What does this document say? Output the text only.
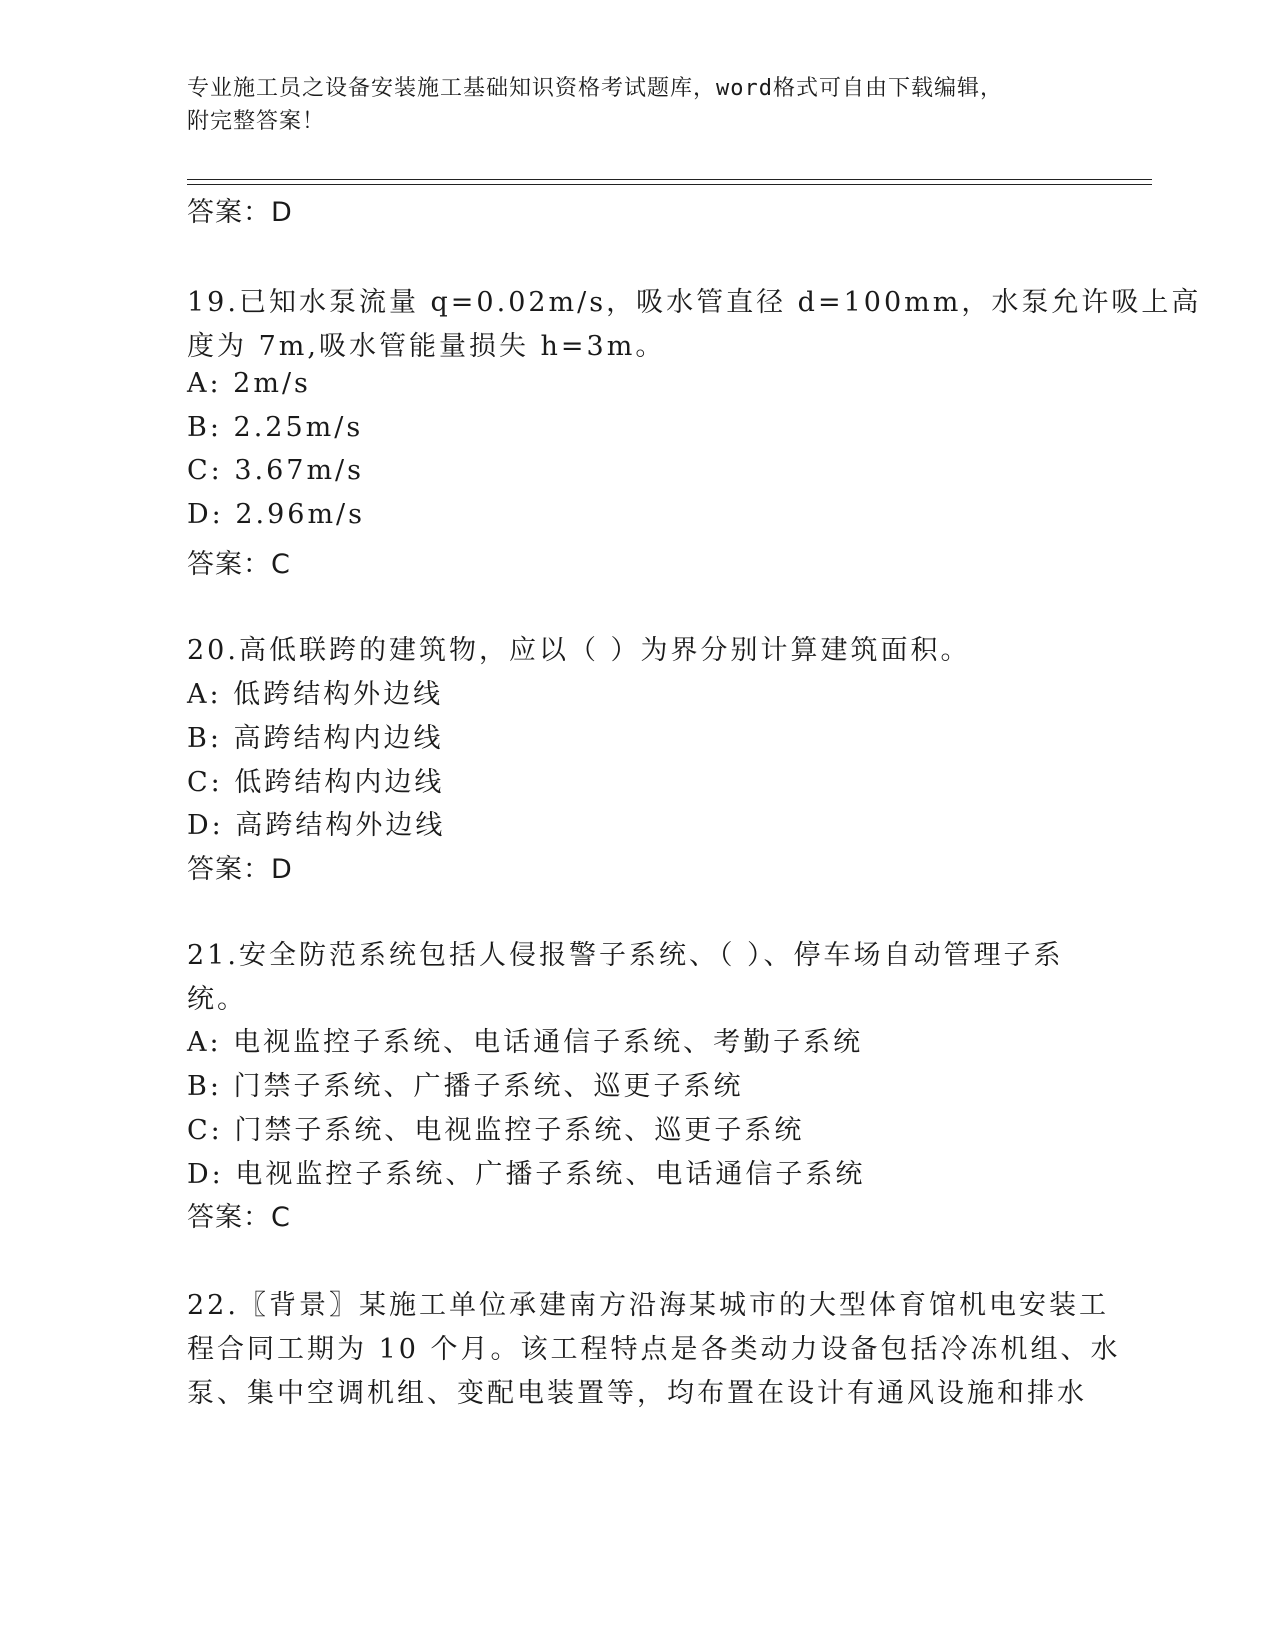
专业施工员之设备安装施工基础知识资格考试题库，word格式可自由下载编辑，
附完整答案！
答案：D
19.已知水泵流量 q=0.02m/s，吸水管直径 d=100mm，水泵允许吸上高
度为 7m,吸水管能量损失 h=3m。
A: 2m/s
B: 2.25m/s
C: 3.67m/s
D: 2.96m/s
答案：C
20.高低联跨的建筑物，应以（ ）为界分别计算建筑面积。
A: 低跨结构外边线
B: 高跨结构内边线
C: 低跨结构内边线
D: 高跨结构外边线
答案：D
21.安全防范系统包括人侵报警子系统、（ ）、停车场自动管理子系
统。
A: 电视监控子系统、电话通信子系统、考勤子系统
B: 门禁子系统、广播子系统、巡更子系统
C: 门禁子系统、电视监控子系统、巡更子系统
D: 电视监控子系统、广播子系统、电话通信子系统
答案：C
22.〖背景〗某施工单位承建南方沿海某城市的大型体育馆机电安装工
程合同工期为 10 个月。该工程特点是各类动力设备包括冷冻机组、水
泵、集中空调机组、变配电装置等，均布置在设计有通风设施和排水
